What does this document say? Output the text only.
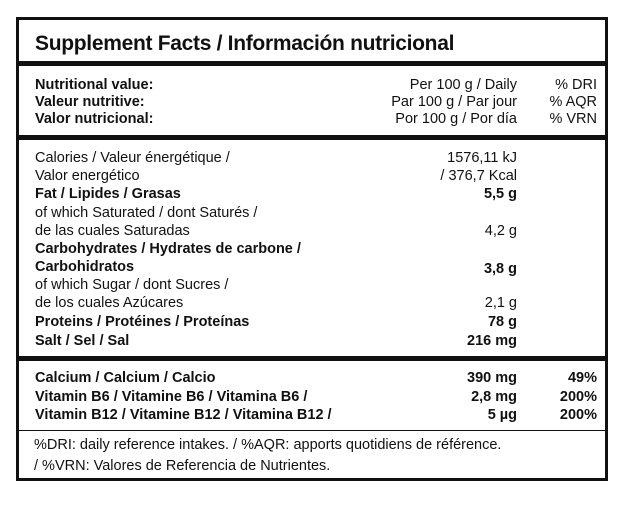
Supplement Facts / Información nutricional
Nutritional value:	Per 100 g / Daily	% DRI
Valeur nutritive:	Par 100 g / Par jour % AQR
Valor nutricional:	Por 100 g / Por día % VRN
Calories / Valeur énergétique /	1576,11 kJ
Valor energético	/ 376,7 Kcal
Fat / Lipides / Grasas	5,5 g
of which Saturated / dont Saturés /
de las cuales Saturadas	4,2 g
Carbohydrates / Hydrates de carbone /
Carbohidratos	3,8 g
of which Sugar / dont Sucres /
de los cuales Azúcares	2,1 g
Proteins / Protéines / Proteínas	78 g
Salt / Sel / Sal	216 mg
Calcium / Calcium / Calcio	390 mg	49%
Vitamin B6 / Vitamine B6 / Vitamina B6 /	2,8 mg	200%
Vitamin B12 / Vitamine B12 / Vitamina B12 /	5 µg	200%
%DRI: daily reference intakes. / %AQR: apports quotidiens de référence.
/ %VRN: Valores de Referencia de Nutrientes.
